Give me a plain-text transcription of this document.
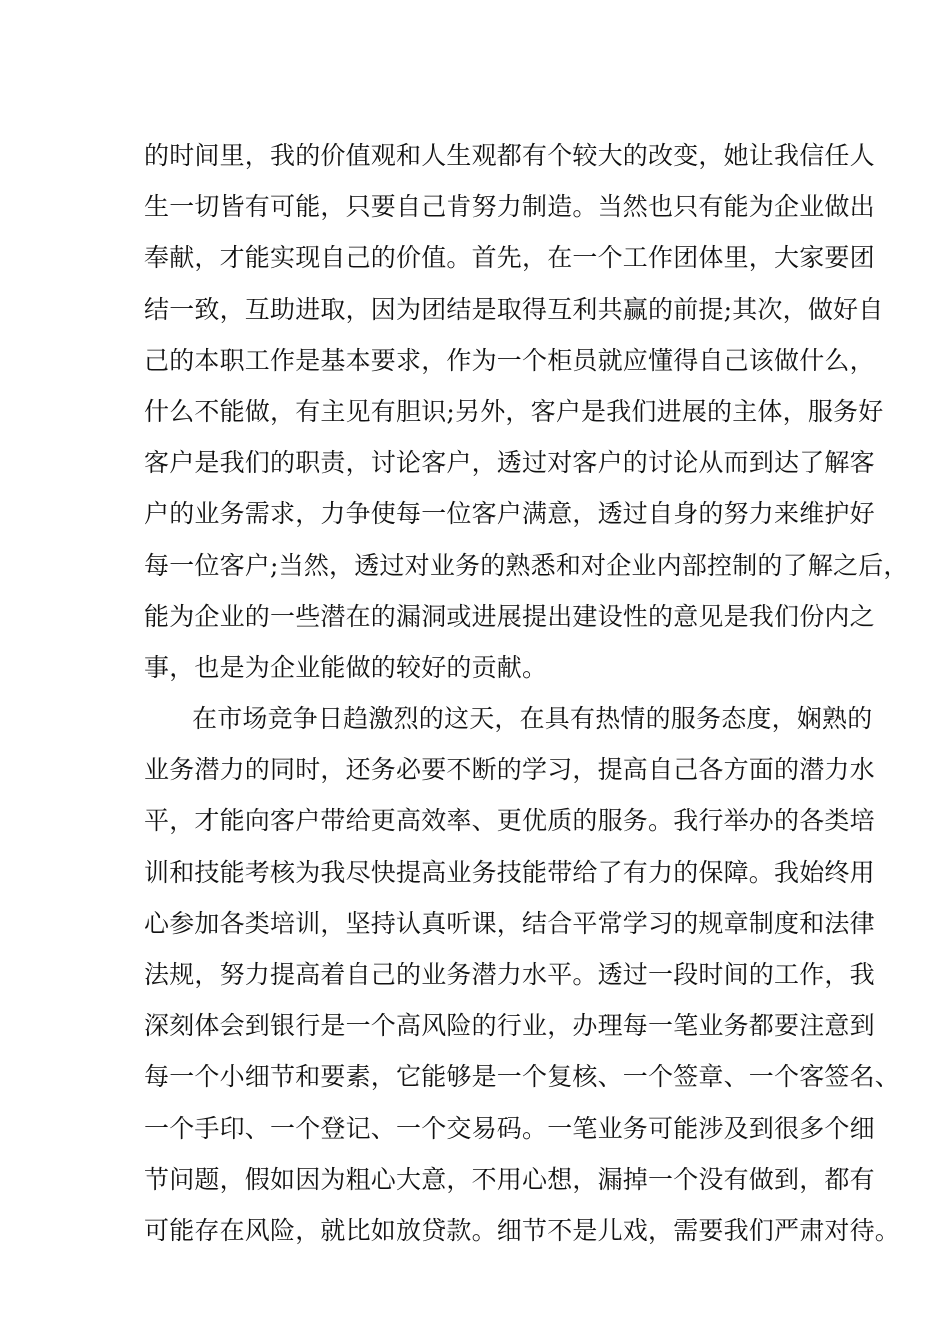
的时间里，我的价值观和人生观都有个较大的改变，她让我信任人
生一切皆有可能，只要自己肯努力制造。当然也只有能为企业做出
奉献，才能实现自己的价值。首先，在一个工作团体里，大家要团
结一致，互助进取，因为团结是取得互利共赢的前提;其次，做好自
己的本职工作是基本要求，作为一个柜员就应懂得自己该做什么，
什么不能做，有主见有胆识;另外，客户是我们进展的主体，服务好
客户是我们的职责，讨论客户，透过对客户的讨论从而到达了解客
户的业务需求，力争使每一位客户满意，透过自身的努力来维护好
每一位客户;当然，透过对业务的熟悉和对企业内部控制的了解之后，
能为企业的一些潜在的漏洞或进展提出建设性的意见是我们份内之
事，也是为企业能做的较好的贡献。
在市场竞争日趋激烈的这天，在具有热情的服务态度，娴熟的
业务潜力的同时，还务必要不断的学习，提高自己各方面的潜力水
平，才能向客户带给更高效率、更优质的服务。我行举办的各类培
训和技能考核为我尽快提高业务技能带给了有力的保障。我始终用
心参加各类培训，坚持认真听课，结合平常学习的规章制度和法律
法规，努力提高着自己的业务潜力水平。透过一段时间的工作，我
深刻体会到银行是一个高风险的行业，办理每一笔业务都要注意到
每一个小细节和要素，它能够是一个复核、一个签章、一个客签名、
一个手印、一个登记、一个交易码。一笔业务可能涉及到很多个细
节问题，假如因为粗心大意，不用心想，漏掉一个没有做到，都有
可能存在风险，就比如放贷款。细节不是儿戏，需要我们严肃对待。
